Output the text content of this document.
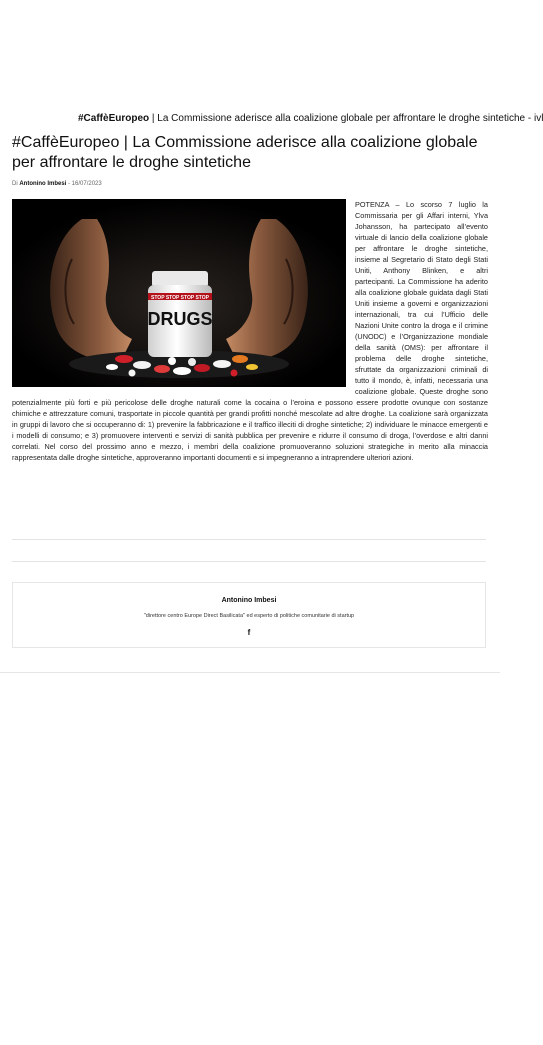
#CaffèEuropeo | La Commissione aderisce alla coalizione globale per affrontare le droghe sintetiche - ivl
#CaffèEuropeo | La Commissione aderisce alla coalizione globale per affrontare le droghe sintetiche
Di Antonino Imbesi - 16/07/2023
STOP STOP STOP STOP
DRUGS

POTENZA – Lo scorso 7 luglio la Commissaria per gli Affari interni, Ylva Johansson, ha partecipato all’evento virtuale di lancio della coalizione globale per affrontare le droghe sintetiche, insieme al Segretario di Stato degli Stati Uniti, Anthony Blinken, e altri partecipanti. La Commissione ha aderito alla coalizione globale guidata dagli Stati Uniti insieme a governi e organizzazioni internazionali, tra cui l’Ufficio delle Nazioni Unite contro la droga e il crimine (UNODC) e l’Organizzazione mondiale della sanità (OMS): per affrontare il problema delle droghe sintetiche, sfruttate da organizzazioni criminali di tutto il mondo, è, infatti, necessaria una coalizione globale. Queste droghe sono potenzialmente più forti e più pericolose delle droghe naturali come la cocaina o l’eroina e possono essere prodotte ovunque con sostanze chimiche e attrezzature comuni, trasportate in piccole quantità per grandi profitti nonché mescolate ad altre droghe. La coalizione sarà organizzata in gruppi di lavoro che si occuperanno di: 1) prevenire la fabbricazione e il traffico illeciti di droghe sintetiche; 2) individuare le minacce emergenti e i modelli di consumo; e 3) promuovere interventi e servizi di sanità pubblica per prevenire e ridurre il consumo di droga, l’overdose e altri danni correlati. Nel corso del prossimo anno e mezzo, i membri della coalizione promuoveranno soluzioni strategiche in merito alla minaccia rappresentata dalle droghe sintetiche, approveranno importanti documenti e si impegneranno a intraprendere ulteriori azioni.

Antonino Imbesi
"direttore centro Europe Direct Basilicata" ed esperto di politiche comunitarie di startup
f
